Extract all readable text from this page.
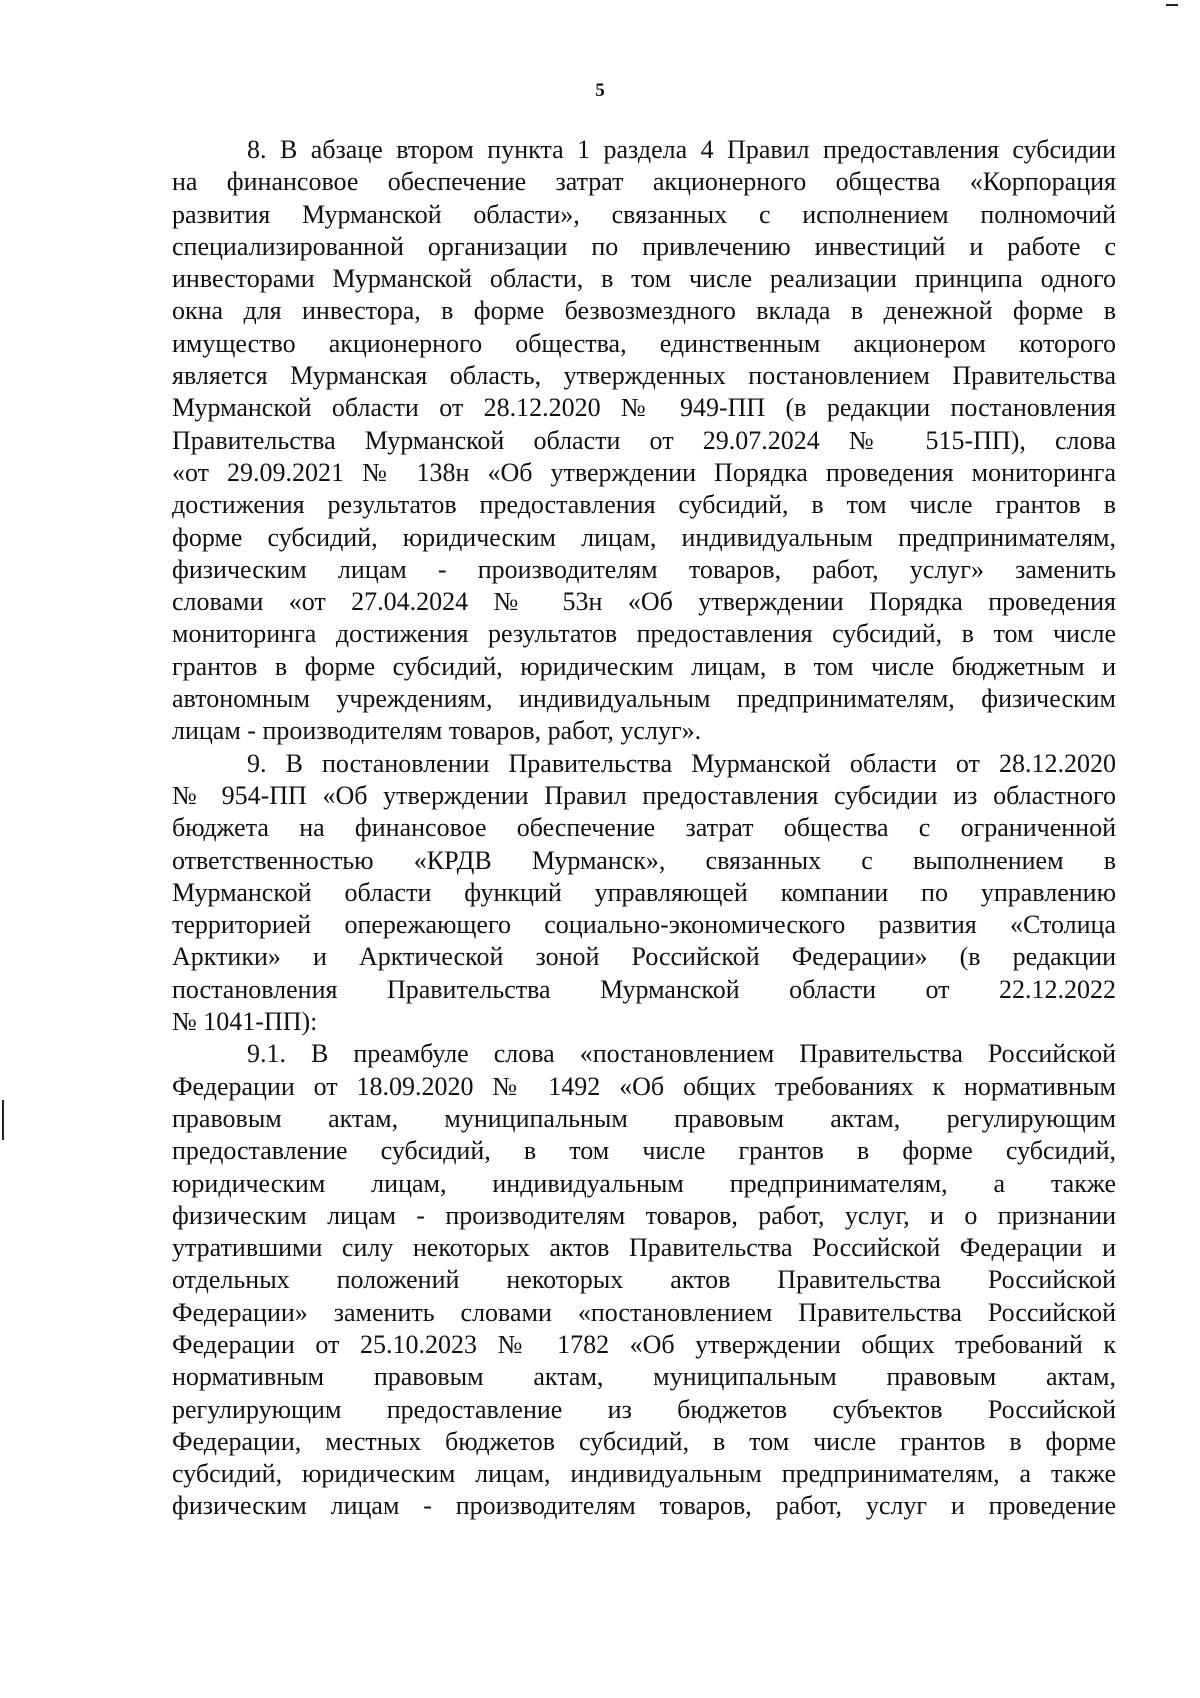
5
8. В абзаце втором пункта 1 раздела 4 Правил предоставления субсидии
на финансовое обеспечение затрат акционерного общества «Корпорация
развития Мурманской области», связанных с исполнением полномочий
специализированной организации по привлечению инвестиций и работе с
инвесторами Мурманской области, в том числе реализации принципа одного
окна для инвестора, в форме безвозмездного вклада в денежной форме в
имущество акционерного общества, единственным акционером которого
является Мурманская область, утвержденных постановлением Правительства
Мурманской области от 28.12.2020 № 949-ПП (в редакции постановления
Правительства Мурманской области от 29.07.2024 № 515-ПП), слова
«от 29.09.2021 № 138н «Об утверждении Порядка проведения мониторинга
достижения результатов предоставления субсидий, в том числе грантов в
форме субсидий, юридическим лицам, индивидуальным предпринимателям,
физическим лицам - производителям товаров, работ, услуг» заменить
словами «от 27.04.2024 № 53н «Об утверждении Порядка проведения
мониторинга достижения результатов предоставления субсидий, в том числе
грантов в форме субсидий, юридическим лицам, в том числе бюджетным и
автономным учреждениям, индивидуальным предпринимателям, физическим
лицам - производителям товаров, работ, услуг».
9. В постановлении Правительства Мурманской области от 28.12.2020
№ 954-ПП «Об утверждении Правил предоставления субсидии из областного
бюджета на финансовое обеспечение затрат общества с ограниченной
ответственностью «КРДВ Мурманск», связанных с выполнением в
Мурманской области функций управляющей компании по управлению
территорией опережающего социально-экономического развития «Столица
Арктики» и Арктической зоной Российской Федерации» (в редакции
постановления Правительства Мурманской области от 22.12.2022
№ 1041-ПП):
9.1. В преамбуле слова «постановлением Правительства Российской
Федерации от 18.09.2020 № 1492 «Об общих требованиях к нормативным
правовым актам, муниципальным правовым актам, регулирующим
предоставление субсидий, в том числе грантов в форме субсидий,
юридическим лицам, индивидуальным предпринимателям, а также
физическим лицам - производителям товаров, работ, услуг, и о признании
утратившими силу некоторых актов Правительства Российской Федерации и
отдельных положений некоторых актов Правительства Российской
Федерации» заменить словами «постановлением Правительства Российской
Федерации от 25.10.2023 № 1782 «Об утверждении общих требований к
нормативным правовым актам, муниципальным правовым актам,
регулирующим предоставление из бюджетов субъектов Российской
Федерации, местных бюджетов субсидий, в том числе грантов в форме
субсидий, юридическим лицам, индивидуальным предпринимателям, а также
физическим лицам - производителям товаров, работ, услуг и проведение
